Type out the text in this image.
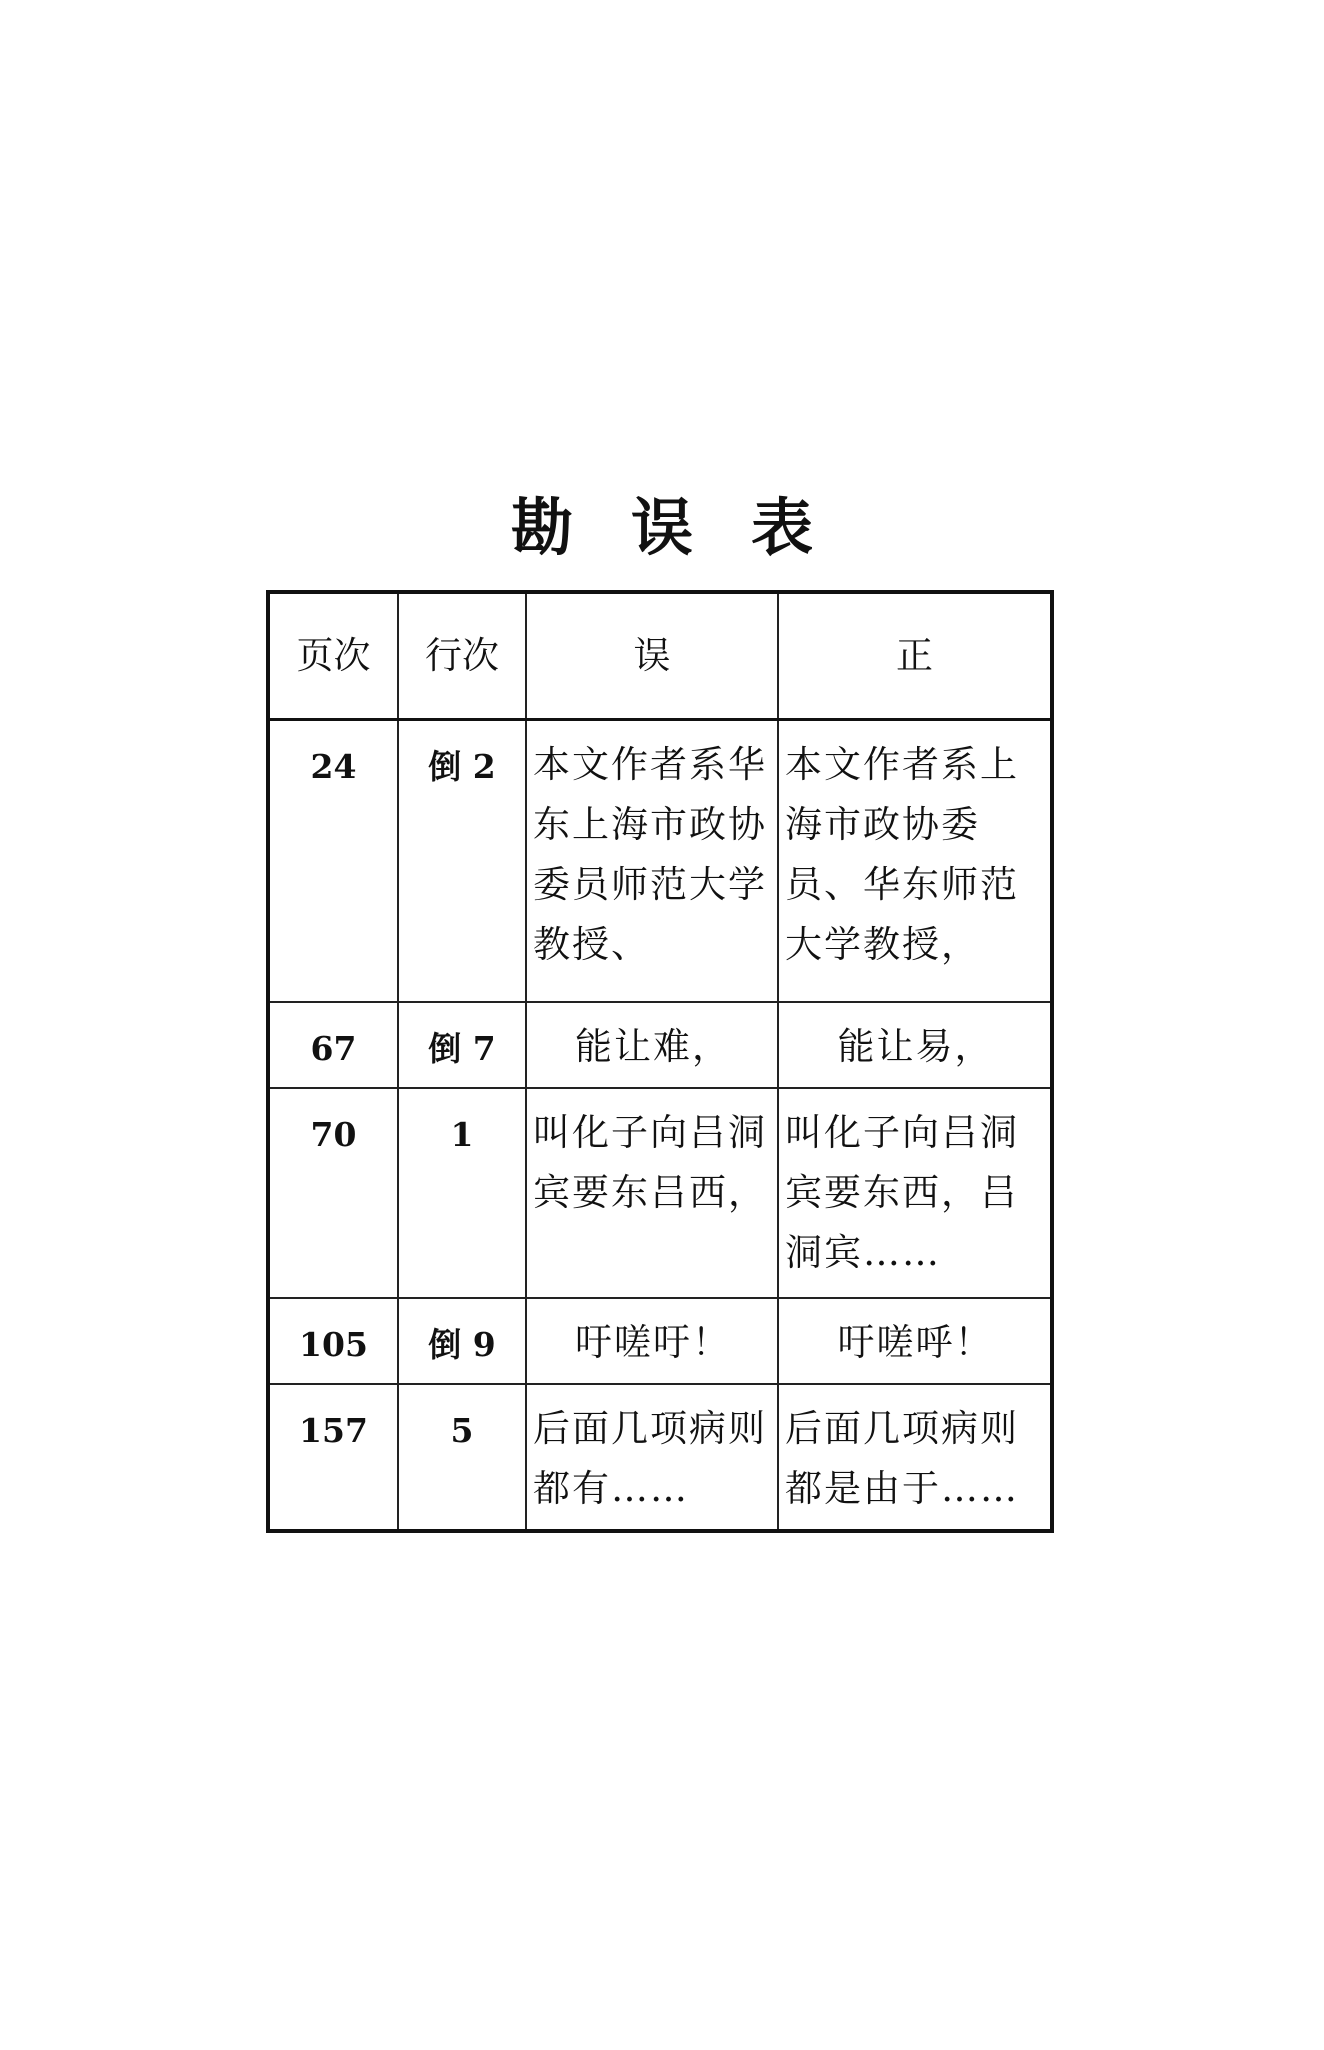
勘误表
页次	行次	误	正
24	倒 2	本文作者系华东上海市政协委员师范大学教授、	本文作者系上海市政协委员、华东师范大学教授，
67	倒 7	能让难，	能让易，
70	1	叫化子向吕洞宾要东吕西，	叫化子向吕洞宾要东西，吕洞宾……
105	倒 9	吁嗟吁！	吁嗟呼！
157	5	后面几项病则都有……	后面几项病则都是由于……
